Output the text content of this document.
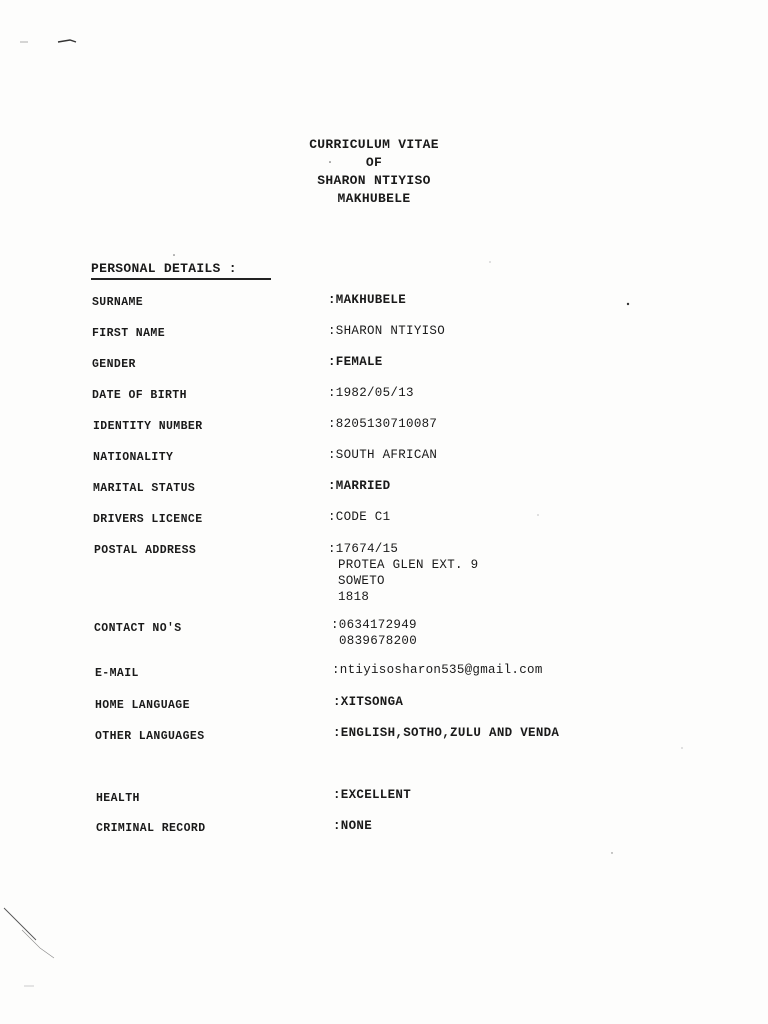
CURRICULUM VITAE
OF
SHARON NTIYISO
MAKHUBELE
PERSONAL DETAILS :
SURNAME	:MAKHUBELE
FIRST NAME	:SHARON NTIYISO
GENDER	:FEMALE
DATE OF BIRTH	:1982/05/13
IDENTITY NUMBER	:8205130710087
NATIONALITY	:SOUTH AFRICAN
MARITAL STATUS	:MARRIED
DRIVERS LICENCE	:CODE C1
POSTAL ADDRESS	:17674/15
PROTEA GLEN EXT. 9
SOWETO
1818
CONTACT NO'S	:0634172949
0839678200
E-MAIL	:ntiyisosharon535@gmail.com
HOME LANGUAGE	:XITSONGA
OTHER LANGUAGES	:ENGLISH,SOTHO,ZULU AND VENDA
HEALTH	:EXCELLENT
CRIMINAL RECORD	:NONE
